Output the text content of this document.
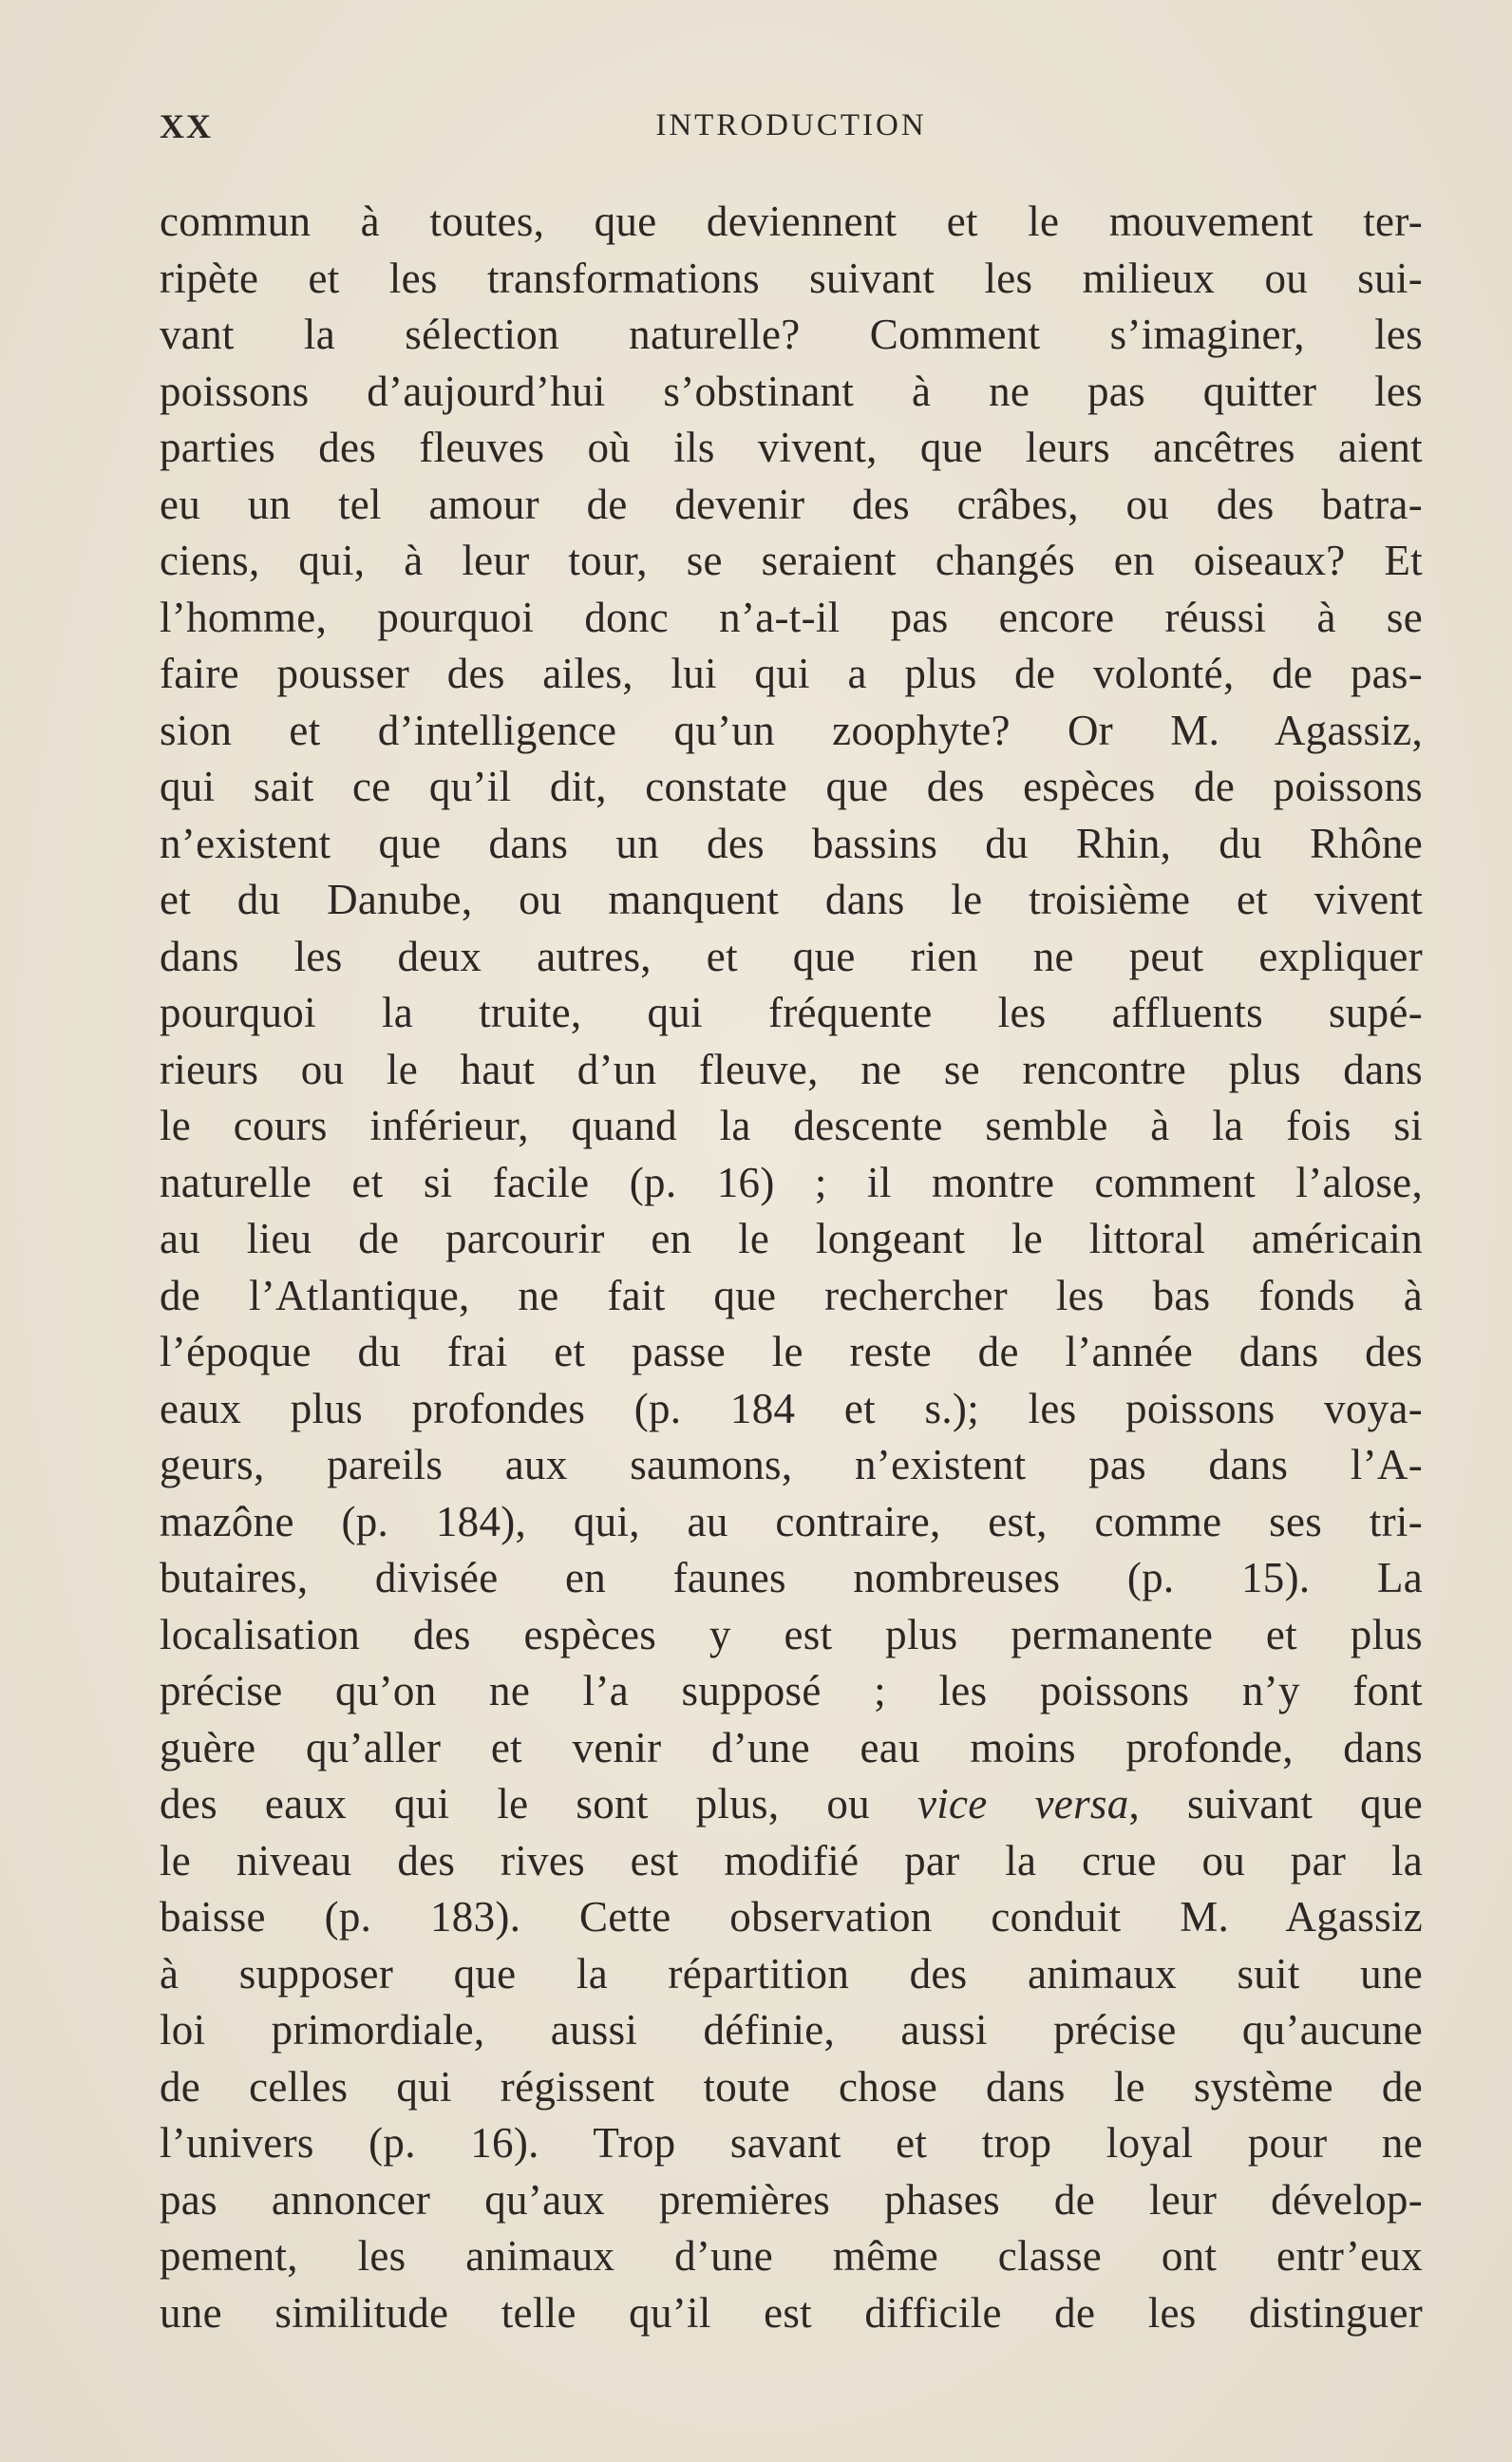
XX	INTRODUCTION
commun à toutes, que deviennent et le mouvement ter-
ripète et les transformations suivant les milieux ou sui-
vant la sélection naturelle? Comment s’imaginer, les
poissons d’aujourd’hui s’obstinant à ne pas quitter les
parties des fleuves où ils vivent, que leurs ancêtres aient
eu un tel amour de devenir des crâbes, ou des batra-
ciens, qui, à leur tour, se seraient changés en oiseaux? Et
l’homme, pourquoi donc n’a-t-il pas encore réussi à se
faire pousser des ailes, lui qui a plus de volonté, de pas-
sion et d’intelligence qu’un zoophyte? Or M. Agassiz,
qui sait ce qu’il dit, constate que des espèces de poissons
n’existent que dans un des bassins du Rhin, du Rhône
et du Danube, ou manquent dans le troisième et vivent
dans les deux autres, et que rien ne peut expliquer
pourquoi la truite, qui fréquente les affluents supé-
rieurs ou le haut d’un fleuve, ne se rencontre plus dans
le cours inférieur, quand la descente semble à la fois si
naturelle et si facile (p. 16) ; il montre comment l’alose,
au lieu de parcourir en le longeant le littoral américain
de l’Atlantique, ne fait que rechercher les bas fonds à
l’époque du frai et passe le reste de l’année dans des
eaux plus profondes (p. 184 et s.); les poissons voya-
geurs, pareils aux saumons, n’existent pas dans l’A-
mazône (p. 184), qui, au contraire, est, comme ses tri-
butaires, divisée en faunes nombreuses (p. 15). La
localisation des espèces y est plus permanente et plus
précise qu’on ne l’a supposé ; les poissons n’y font
guère qu’aller et venir d’une eau moins profonde, dans
des eaux qui le sont plus, ou vice versa, suivant que
le niveau des rives est modifié par la crue ou par la
baisse (p. 183). Cette observation conduit M. Agassiz
à supposer que la répartition des animaux suit une
loi primordiale, aussi définie, aussi précise qu’aucune
de celles qui régissent toute chose dans le système de
l’univers (p. 16). Trop savant et trop loyal pour ne
pas annoncer qu’aux premières phases de leur dévelop-
pement, les animaux d’une même classe ont entr’eux
une similitude telle qu’il est difficile de les distinguer
